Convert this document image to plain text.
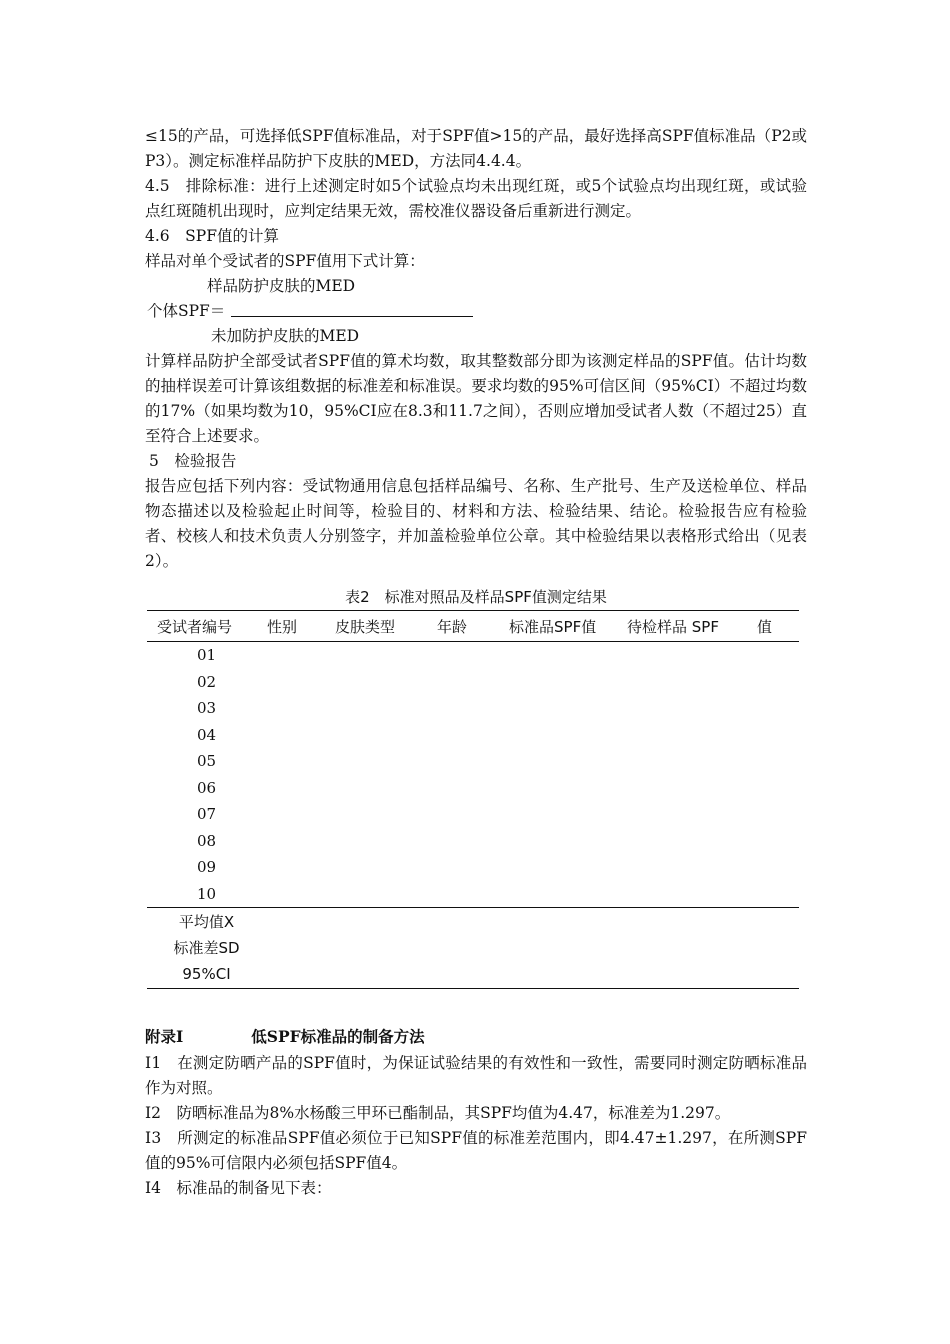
≤15的产品，可选择低SPF值标准品，对于SPF值>15的产品，最好选择高SPF值标准品（P2或P3）。测定标准样品防护下皮肤的MED，方法同4.4.4。

4.5　排除标准：进行上述测定时如5个试验点均未出现红斑，或5个试验点均出现红斑，或试验点红斑随机出现时，应判定结果无效，需校准仪器设备后重新进行测定。

4.6　SPF值的计算

样品对单个受试者的SPF值用下式计算：

样品防护皮肤的MED
个体SPF＝
未加防护皮肤的MED

计算样品防护全部受试者SPF值的算术均数，取其整数部分即为该测定样品的SPF值。估计均数的抽样误差可计算该组数据的标准差和标准误。要求均数的95%可信区间（95%CI）不超过均数的17%（如果均数为10，95%CI应在8.3和11.7之间），否则应增加受试者人数（不超过25）直至符合上述要求。

5　检验报告

报告应包括下列内容：受试物通用信息包括样品编号、名称、生产批号、生产及送检单位、样品物态描述以及检验起止时间等，检验目的、材料和方法、检验结果、结论。检验报告应有检验者、校核人和技术负责人分别签字，并加盖检验单位公章。其中检验结果以表格形式给出（见表2）。

表2　标准对照品及样品SPF值测定结果
受试者编号	性别	皮肤类型	年龄	标准品SPF值	待检样品 SPF	值
01						
02						
03						
04						
05						
06						
07						
08						
09						
10						
平均值X						
标准差SD						
95%CI						
附录Ⅰ	低SPF标准品的制备方法

Ⅰ1　在测定防晒产品的SPF值时，为保证试验结果的有效性和一致性，需要同时测定防晒标准品作为对照。

Ⅰ2　防晒标准品为8%水杨酸三甲环已酯制品，其SPF均值为4.47，标准差为1.297。

Ⅰ3　所测定的标准品SPF值必须位于已知SPF值的标准差范围内，即4.47±1.297，在所测SPF值的95%可信限内必须包括SPF值4。

Ⅰ4　标准品的制备见下表：
